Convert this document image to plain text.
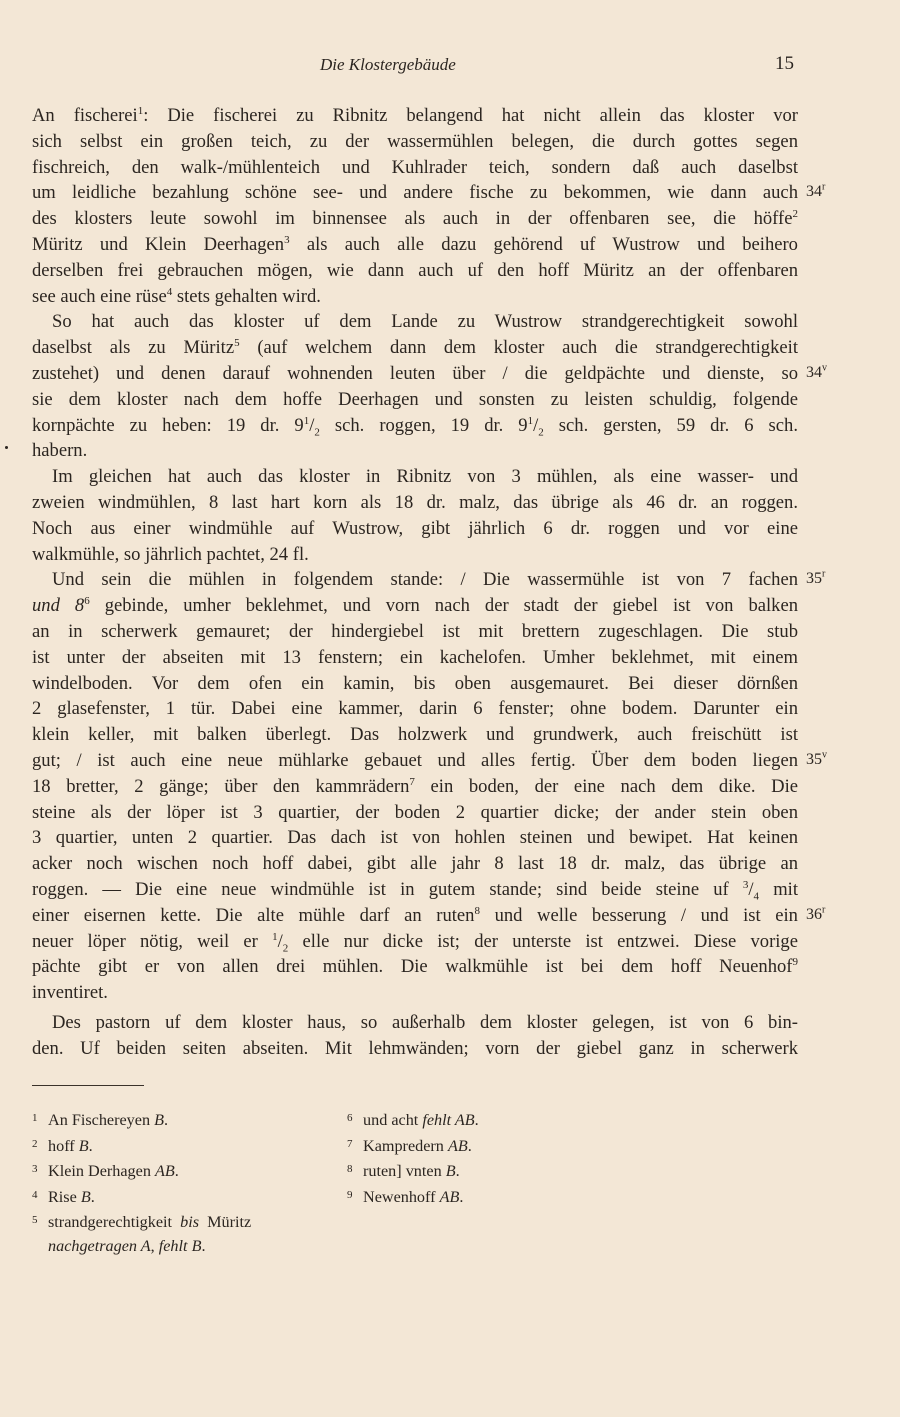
Die Klostergebäude	15
An fischerei$^1$: Die fischerei zu Ribnitz belangend hat nicht allein das kloster vor
sich selbst ein großen teich, zu der wassermühlen belegen, die durch gottes segen
fischreich, den walk-/mühlenteich und Kuhlrader teich, sondern daß auch daselbst
um leidliche bezahlung schöne see- und andere fische zu bekommen, wie dann auch
des klosters leute sowohl im binnensee als auch in der offenbaren see, die höffe$^2$
Müritz und Klein Deerhagen$^3$ als auch alle dazu gehörend uf Wustrow und beihero
derselben frei gebrauchen mögen, wie dann auch uf den hoff Müritz an der offenbaren
see auch eine rüse$^4$ stets gehalten wird.
So hat auch das kloster uf dem Lande zu Wustrow strandgerechtigkeit sowohl
daselbst als zu Müritz$^5$ (auf welchem dann dem kloster auch die strandgerechtigkeit
zustehet) und denen darauf wohnenden leuten über / die geldpächte und dienste, so
sie dem kloster nach dem hoffe Deerhagen und sonsten zu leisten schuldig, folgende
kornpächte zu heben: 19 dr. $9^1/_2$ sch. roggen, 19 dr. $9^1/_2$ sch. gersten, 59 dr. 6 sch.
habern.
Im gleichen hat auch das kloster in Ribnitz von 3 mühlen, als eine wasser- und
zweien windmühlen, 8 last hart korn als 18 dr. malz, das übrige als 46 dr. an roggen.
Noch aus einer windmühle auf Wustrow, gibt jährlich 6 dr. roggen und vor eine
walkmühle, so jährlich pachtet, 24 fl.
Und sein die mühlen in folgendem stande: / Die wassermühle ist von 7 fachen
und $8^6$ gebinde, umher beklehmet, und vorn nach der stadt der giebel ist von balken
an in scherwerk gemauret; der hindergiebel ist mit brettern zugeschlagen. Die stub
ist unter der abseiten mit 13 fenstern; ein kachelofen. Umher beklehmet, mit einem
windelboden. Vor dem ofen ein kamin, bis oben ausgemauret. Bei dieser dörnßen
2 glasefenster, 1 tür. Dabei eine kammer, darin 6 fenster; ohne bodem. Darunter ein
klein keller, mit balken überlegt. Das holzwerk und grundwerk, auch freischütt ist
gut; / ist auch eine neue mühlarke gebauet und alles fertig. Über dem boden liegen
18 bretter, 2 gänge; über den kammrädern$^7$ ein boden, der eine nach dem dike. Die
steine als der löper ist 3 quartier, der boden 2 quartier dicke; der ander stein oben
3 quartier, unten 2 quartier. Das dach ist von hohlen steinen und bewipet. Hat keinen
acker noch wischen noch hoff dabei, gibt alle jahr 8 last 18 dr. malz, das übrige an
roggen. — Die eine neue windmühle ist in gutem stande; sind beide steine uf $^3/_4$ mit
einer eisernen kette. Die alte mühle darf an ruten$^8$ und welle besserung / und ist ein
neuer löper nötig, weil er $^1/_2$ elle nur dicke ist; der unterste ist entzwei. Diese vorige
pächte gibt er von allen drei mühlen. Die walkmühle ist bei dem hoff Neuenhof$^9$
inventiret.
Des pastorn uf dem kloster haus, so außerhalb dem kloster gelegen, ist von 6 bin-
den. Uf beiden seiten abseiten. Mit lehmwänden; vorn der giebel ganz in scherwerk
34$^r$
34$^v$
35$^r$
35$^v$
36$^r$
1 An Fischereyen B.
2 hoff B.
3 Klein Derhagen AB.
4 Rise B.
5 strandgerechtigkeit  bis  Müritz
nachgetragen A, fehlt B.
6 und acht fehlt AB.
7 Kampredern AB.
8 ruten] vnten B.
9 Newenhoff AB.
